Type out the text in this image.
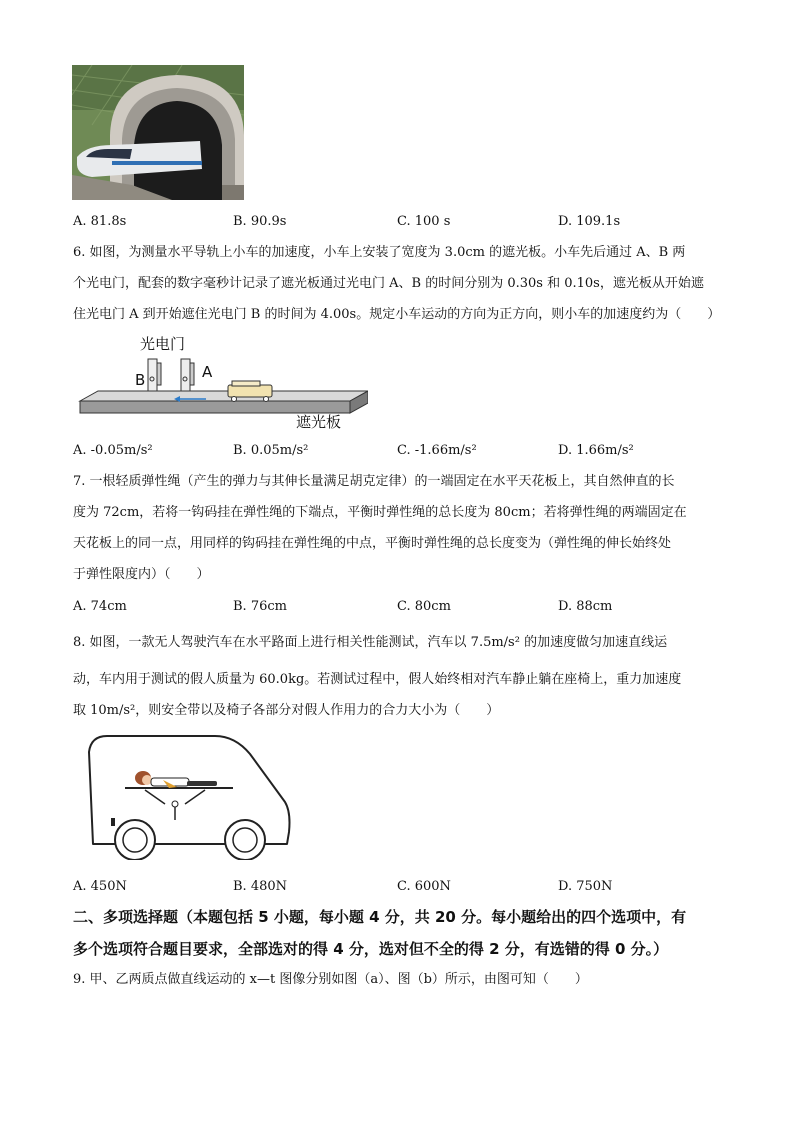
A. 81.8s	B. 90.9s	C. 100 s	D. 109.1s
6. 如图，为测量水平导轨上小车的加速度，小车上安装了宽度为 3.0cm 的遮光板。小车先后通过 A、B 两
个光电门，配套的数字毫秒计记录了遮光板通过光电门 A、B 的时间分别为 0.30s 和 0.10s，遮光板从开始遮
住光电门 A 到开始遮住光电门 B 的时间为 4.00s。规定小车运动的方向为正方向，则小车的加速度约为（　　）
光电门
B	A
遮光板
A. -0.05m/s²	B. 0.05m/s²	C. -1.66m/s²	D. 1.66m/s²
7. 一根轻质弹性绳（产生的弹力与其伸长量满足胡克定律）的一端固定在水平天花板上，其自然伸直的长
度为 72cm，若将一钩码挂在弹性绳的下端点，平衡时弹性绳的总长度为 80cm；若将弹性绳的两端固定在
天花板上的同一点，用同样的钩码挂在弹性绳的中点，平衡时弹性绳的总长度变为（弹性绳的伸长始终处
于弹性限度内）（　　）
A. 74cm	B. 76cm	C. 80cm	D. 88cm
8. 如图，一款无人驾驶汽车在水平路面上进行相关性能测试，汽车以 7.5m/s² 的加速度做匀加速直线运
动，车内用于测试的假人质量为 60.0kg。若测试过程中，假人始终相对汽车静止躺在座椅上，重力加速度
取 10m/s²，则安全带以及椅子各部分对假人作用力的合力大小为（　　）
A. 450N	B. 480N	C. 600N	D. 750N
二、多项选择题（本题包括 5 小题，每小题 4 分，共 20 分。每小题给出的四个选项中，有
多个选项符合题目要求，全部选对的得 4 分，选对但不全的得 2 分，有选错的得 0 分。）
9. 甲、乙两质点做直线运动的 x—t 图像分别如图（a）、图（b）所示，由图可知（　　）
